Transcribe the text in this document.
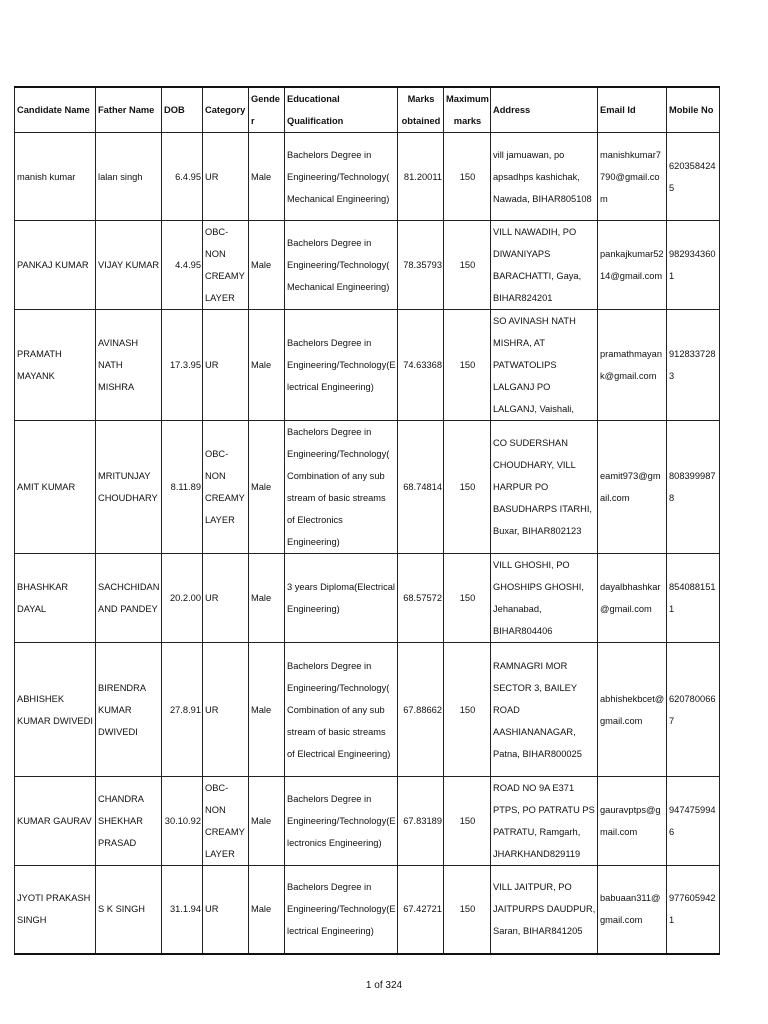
Candidate Name	Father Name	DOB	Category	Gender	Educational Qualification	Marks obtained	Maximum marks	Address	Email Id	Mobile No
manish kumar	lalan singh	6.4.95	UR	Male	Bachelors Degree in Engineering/Technology(Mechanical Engineering)	81.20011	150	vill jamuawan, po apsadhps kashichak, Nawada, BIHAR805108	manishkumar7790@gmail.com	6203584245
PANKAJ KUMAR	VIJAY KUMAR	4.4.95	OBC-NON CREAMY LAYER	Male	Bachelors Degree in Engineering/Technology(Mechanical Engineering)	78.35793	150	VILL NAWADIH, PO DIWANIYAPS BARACHATTI, Gaya, BIHAR824201	pankajkumar5214@gmail.com	9829343601
PRAMATH MAYANK	AVINASH NATH MISHRA	17.3.95	UR	Male	Bachelors Degree in Engineering/Technology(Electrical Engineering)	74.63368	150	SO AVINASH NATH MISHRA, AT PATWATOLIPS LALGANJ PO LALGANJ, Vaishali,	pramathmayank@gmail.com	9128337283
AMIT KUMAR	MRITUNJAY CHOUDHARY	8.11.89	OBC-NON CREAMY LAYER	Male	Bachelors Degree in Engineering/Technology(Combination of any sub stream of basic streams of Electronics Engineering)	68.74814	150	CO SUDERSHAN CHOUDHARY, VILL HARPUR PO BASUDHARPS ITARHI, Buxar, BIHAR802123	eamit973@gmail.com	8083999878
BHASHKAR DAYAL	SACHCHIDANAND PANDEY	20.2.00	UR	Male	3 years Diploma(Electrical Engineering)	68.57572	150	VILL GHOSHI, PO GHOSHIPS GHOSHI, Jehanabad, BIHAR804406	dayalbhashkar@gmail.com	8540881511
ABHISHEK KUMAR DWIVEDI	BIRENDRA KUMAR DWIVEDI	27.8.91	UR	Male	Bachelors Degree in Engineering/Technology(Combination of any sub stream of basic streams of Electrical Engineering)	67.88662	150	RAMNAGRI MOR SECTOR 3, BAILEY ROAD AASHIANANAGAR, Patna, BIHAR800025	abhishekbcet@gmail.com	6207800667
KUMAR GAURAV	CHANDRA SHEKHAR PRASAD	30.10.92	OBC-NON CREAMY LAYER	Male	Bachelors Degree in Engineering/Technology(Electronics Engineering)	67.83189	150	ROAD NO 9A E371 PTPS, PO PATRATU PS PATRATU, Ramgarh, JHARKHAND829119	gauravptps@gmail.com	9474759946
JYOTI PRAKASH SINGH	S K SINGH	31.1.94	UR	Male	Bachelors Degree in Engineering/Technology(Electrical Engineering)	67.42721	150	VILL JAITPUR, PO JAITPURPS DAUDPUR, Saran, BIHAR841205	babuaan311@gmail.com	9776059421
1 of 324
